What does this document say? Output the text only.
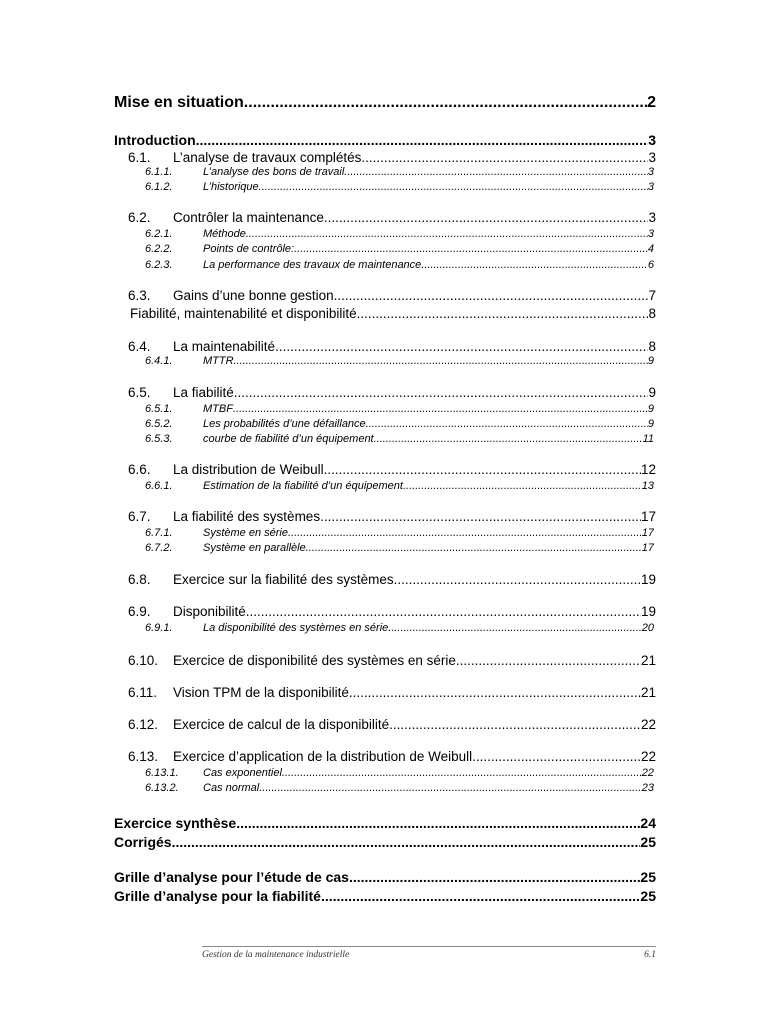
Mise en situation .....	2
Introduction .....	3
6.1.	L’analyse de travaux complétés .....	3
6.1.1.	L’analyse des bons de travail .....	3
6.1.2.	L’historique .....	3
6.2.	Contrôler la maintenance .....	3
6.2.1.	Méthode .....	3
6.2.2.	Points de contrôle: .....	4
6.2.3.	La performance des travaux de maintenance .....	6
6.3.	Gains d’une bonne gestion .....	7
Fiabilité, maintenabilité et disponibilité .....	8
6.4.	La maintenabilité .....	8
6.4.1.	MTTR .....	9
6.5.	La fiabilité .....	9
6.5.1.	MTBF .....	9
6.5.2.	Les probabilités d’une défaillance .....	9
6.5.3.	courbe de fiabilité d’un équipement .....	11
6.6.	La distribution de Weibull .....	12
6.6.1.	Estimation de la fiabilité d’un équipement .....	13
6.7.	La fiabilité des systèmes .....	17
6.7.1.	Système en série .....	17
6.7.2.	Système en parallèle .....	17
6.8.	Exercice sur la fiabilité des systèmes .....	19
6.9.	Disponibilité .....	19
6.9.1.	La disponibilité des systèmes en série .....	20
6.10.	Exercice de disponibilité des systèmes en série .....	21
6.11.	Vision TPM de la disponibilité .....	21
6.12.	Exercice de calcul de la disponibilité .....	22
6.13.	Exercice d’application de la distribution de Weibull .....	22
6.13.1.	Cas exponentiel .....	22
6.13.2.	Cas normal .....	23
Exercice synthèse .....	24
Corrigés .....	25
Grille d’analyse pour l’étude de cas .....	25
Grille d’analyse pour la fiabilité .....	25
Gestion de la maintenance industrielle	6.1
